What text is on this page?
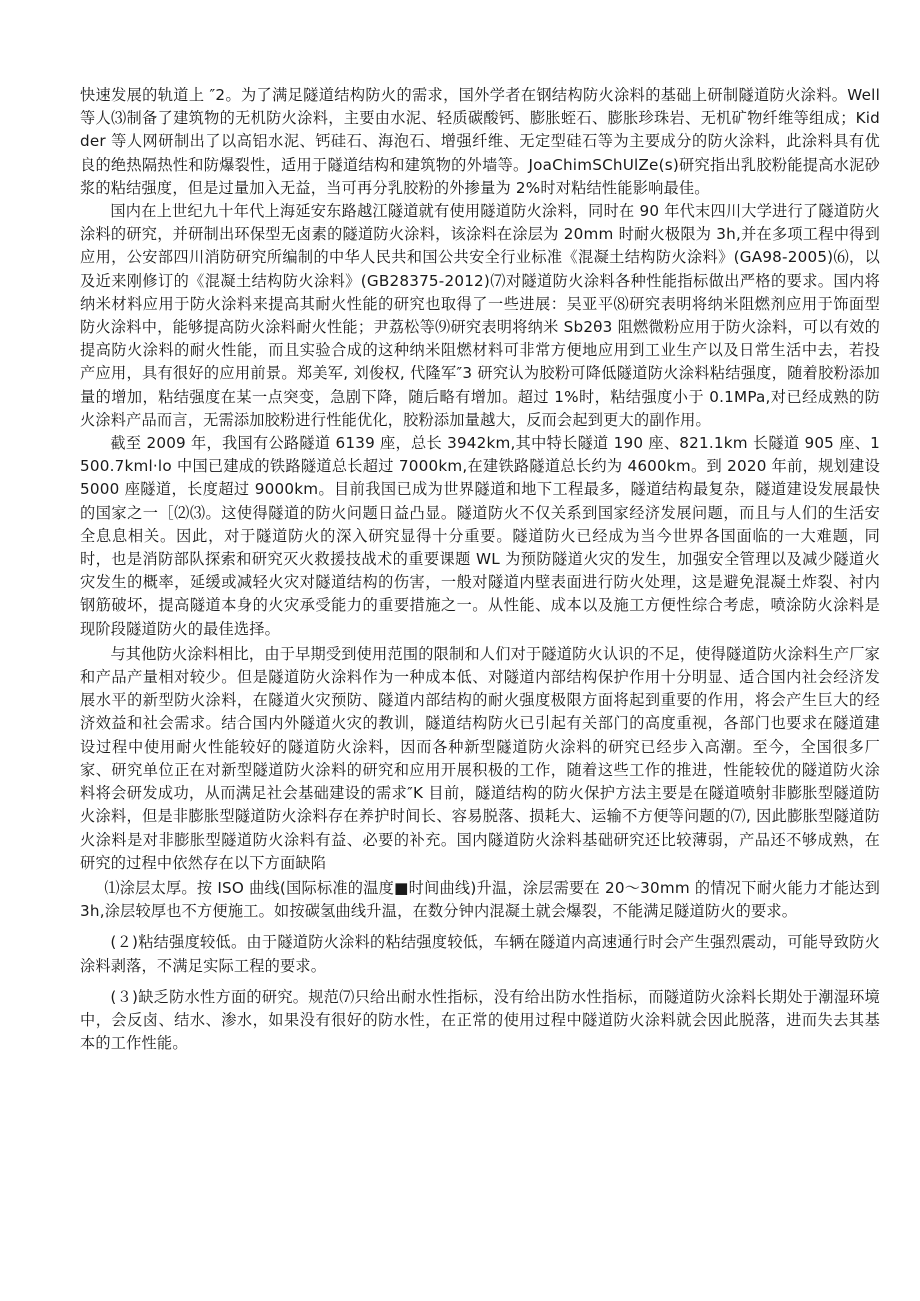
快速发展的轨道上 ″2。为了满足隧道结构防火的需求，国外学者在钢结构防火涂料的基础上研制隧道防火涂料。Well 等人⑶制备了建筑物的无机防火涂料，主要由水泥、轻质碳酸钙、膨胀蛭石、膨胀珍珠岩、无机矿物纤维等组成；Kidder 等人网研制出了以高铝水泥、钙硅石、海泡石、增强纤维、无定型硅石等为主要成分的防火涂料，此涂料具有优良的绝热隔热性和防爆裂性，适用于隧道结构和建筑物的外墙等。JoaChimSChUlZe(s)研究指出乳胶粉能提高水泥砂浆的粘结强度，但是过量加入无益，当可再分乳胶粉的外掺量为 2%时对粘结性能影响最佳。

国内在上世纪九十年代上海延安东路越江隧道就有使用隧道防火涂料，同时在 90 年代末四川大学进行了隧道防火涂料的研究，并研制出环保型无卤素的隧道防火涂料，该涂料在涂层为 20mm 时耐火极限为 3h,并在多项工程中得到应用，公安部四川消防研究所编制的中华人民共和国公共安全行业标准《混凝土结构防火涂料》(GA98-2005)⑹，以及近来刚修订的《混凝土结构防火涂料》(GB28375-2012)⑺对隧道防火涂料各种性能指标做出严格的要求。国内将纳米材料应用于防火涂料来提高其耐火性能的研究也取得了一些进展：吴亚平⑻研究表明将纳米阻燃剂应用于饰面型防火涂料中，能够提高防火涂料耐火性能；尹荔松等⑼研究表明将纳米 Sb2θ3 阻燃微粉应用于防火涂料，可以有效的提高防火涂料的耐火性能，而且实验合成的这种纳米阻燃材料可非常方便地应用到工业生产以及日常生活中去，若投产应用，具有很好的应用前景。郑美军, 刘俊权, 代隆军″3 研究认为胶粉可降低隧道防火涂料粘结强度，随着胶粉添加量的增加，粘结强度在某一点突变，急剧下降，随后略有增加。超过 1%时，粘结强度小于 0.1MPa,对已经成熟的防火涂料产品而言，无需添加胶粉进行性能优化，胶粉添加量越大，反而会起到更大的副作用。

截至 2009 年，我国有公路隧道 6139 座，总长 3942km,其中特长隧道 190 座、821.1km 长隧道 905 座、1500.7kml·lo 中国已建成的铁路隧道总长超过 7000km,在建铁路隧道总长约为 4600km。到 2020 年前，规划建设 5000 座隧道，长度超过 9000km。目前我国已成为世界隧道和地下工程最多，隧道结构最复杂，隧道建设发展最快的国家之一［⑵⑶。这使得隧道的防火问题日益凸显。隧道防火不仅关系到国家经济发展问题，而且与人们的生活安全息息相关。因此，对于隧道防火的深入研究显得十分重要。隧道防火已经成为当今世界各国面临的一大难题，同时，也是消防部队探索和研究灭火救援技战术的重要课题 WL 为预防隧道火灾的发生，加强安全管理以及减少隧道火灾发生的概率，延缓或减轻火灾对隧道结构的伤害，一般对隧道内壁表面进行防火处理，这是避免混凝土炸裂、衬内钢筋破坏，提高隧道本身的火灾承受能力的重要措施之一。从性能、成本以及施工方便性综合考虑，喷涂防火涂料是现阶段隧道防火的最佳选择。

与其他防火涂料相比，由于早期受到使用范围的限制和人们对于隧道防火认识的不足，使得隧道防火涂料生产厂家和产品产量相对较少。但是隧道防火涂料作为一种成本低、对隧道内部结构保护作用十分明显、适合国内社会经济发展水平的新型防火涂料，在隧道火灾预防、隧道内部结构的耐火强度极限方面将起到重要的作用，将会产生巨大的经济效益和社会需求。结合国内外隧道火灾的教训，隧道结构防火已引起有关部门的高度重视，各部门也要求在隧道建设过程中使用耐火性能较好的隧道防火涂料，因而各种新型隧道防火涂料的研究已经步入高潮。至今，全国很多厂家、研究单位正在对新型隧道防火涂料的研究和应用开展积极的工作，随着这些工作的推进，性能较优的隧道防火涂料将会研发成功，从而满足社会基础建设的需求″K 目前，隧道结构的防火保护方法主要是在隧道喷射非膨胀型隧道防火涂料，但是非膨胀型隧道防火涂料存在养护时间长、容易脱落、损耗大、运输不方便等问题的⑺, 因此膨胀型隧道防火涂料是对非膨胀型隧道防火涂料有益、必要的补充。国内隧道防火涂料基础研究还比较薄弱，产品还不够成熟，在研究的过程中依然存在以下方面缺陷

⑴涂层太厚。按 ISO 曲线(国际标准的温度■时间曲线)升温，涂层需要在 20〜30mm 的情况下耐火能力才能达到 3h,涂层较厚也不方便施工。如按碳氢曲线升温，在数分钟内混凝土就会爆裂，不能满足隧道防火的要求。

(２)粘结强度较低。由于隧道防火涂料的粘结强度较低，车辆在隧道内高速通行时会产生强烈震动，可能导致防火涂料剥落，不满足实际工程的要求。

(３)缺乏防水性方面的研究。规范⑺只给出耐水性指标，没有给出防水性指标，而隧道防火涂料长期处于潮湿环境中，会反卤、结水、渗水，如果没有很好的防水性，在正常的使用过程中隧道防火涂料就会因此脱落，进而失去其基本的工作性能。
